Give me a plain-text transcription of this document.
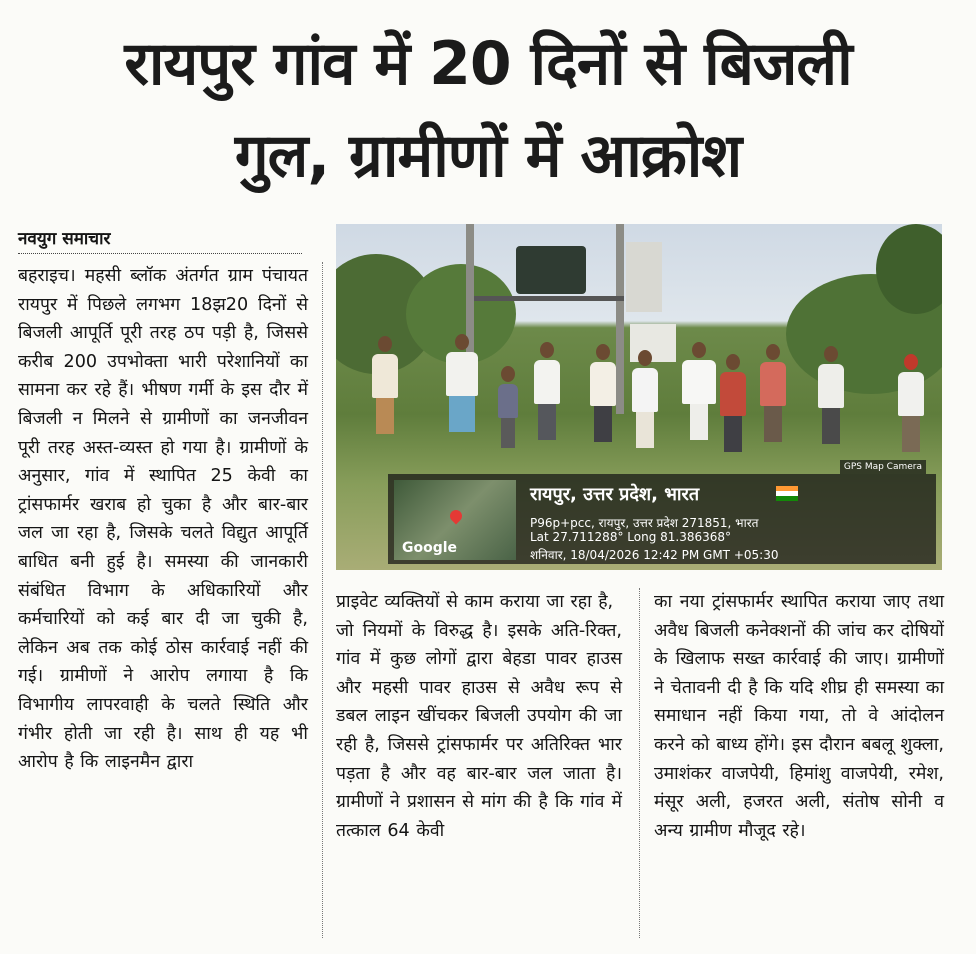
रायपुर गांव में 20 दिनों से बिजली
गुल, ग्रामीणों में आक्रोश
नवयुग समाचार

बहराइच। महसी ब्लॉक अंतर्गत ग्राम पंचायत रायपुर में पिछले लगभग 18झ20 दिनों से बिजली आपूर्ति पूरी तरह ठप पड़ी है, जिससे करीब 200 उपभोक्ता भारी परेशानियों का सामना कर रहे हैं। भीषण गर्मी के इस दौर में बिजली न मिलने से ग्रामीणों का जनजीवन पूरी तरह अस्त-व्यस्त हो गया है। ग्रामीणों के अनुसार, गांव में स्थापित 25 केवी का ट्रांसफार्मर खराब हो चुका है और बार-बार जल जा रहा है, जिसके चलते विद्युत आपूर्ति बाधित बनी हुई है। समस्या की जानकारी संबंधित विभाग के अधिकारियों और कर्मचारियों को कई बार दी जा चुकी है, लेकिन अब तक कोई ठोस कार्रवाई नहीं की गई। ग्रामीणों ने आरोप लगाया है कि विभागीय लापरवाही के चलते स्थिति और गंभीर होती जा रही है। साथ ही यह भी आरोप है कि लाइनमैन द्वारा

GPS Map Camera
Google
रायपुर, उत्तर प्रदेश, भारत
P96p+pcc, रायपुर, उत्तर प्रदेश 271851, भारत
Lat 27.711288° Long 81.386368°
शनिवार, 18/04/2026 12:42 PM GMT +05:30

प्राइवेट व्यक्तियों से काम कराया जा रहा है,

जो नियमों के विरुद्ध है। इसके अति-रिक्त, गांव में कुछ लोगों द्वारा बेहडा पावर हाउस और महसी पावर हाउस से अवैध रूप से डबल लाइन खींचकर बिजली उपयोग की जा रही है, जिससे ट्रांसफार्मर पर अतिरिक्त भार पड़ता है और वह बार-बार जल जाता है। ग्रामीणों ने प्रशासन से मांग की है कि गांव में तत्काल 64 केवी

का नया ट्रांसफार्मर स्थापित कराया जाए तथा अवैध बिजली कनेक्शनों की जांच कर दोषियों के खिलाफ सख्त कार्रवाई की जाए। ग्रामीणों ने चेतावनी दी है कि यदि शीघ्र ही समस्या का समाधान नहीं किया गया, तो वे आंदोलन करने को बाध्य होंगे। इस दौरान बबलू शुक्ला, उमाशंकर वाजपेयी, हिमांशु वाजपेयी, रमेश, मंसूर अली, हजरत अली, संतोष सोनी व अन्य ग्रामीण मौजूद रहे।
